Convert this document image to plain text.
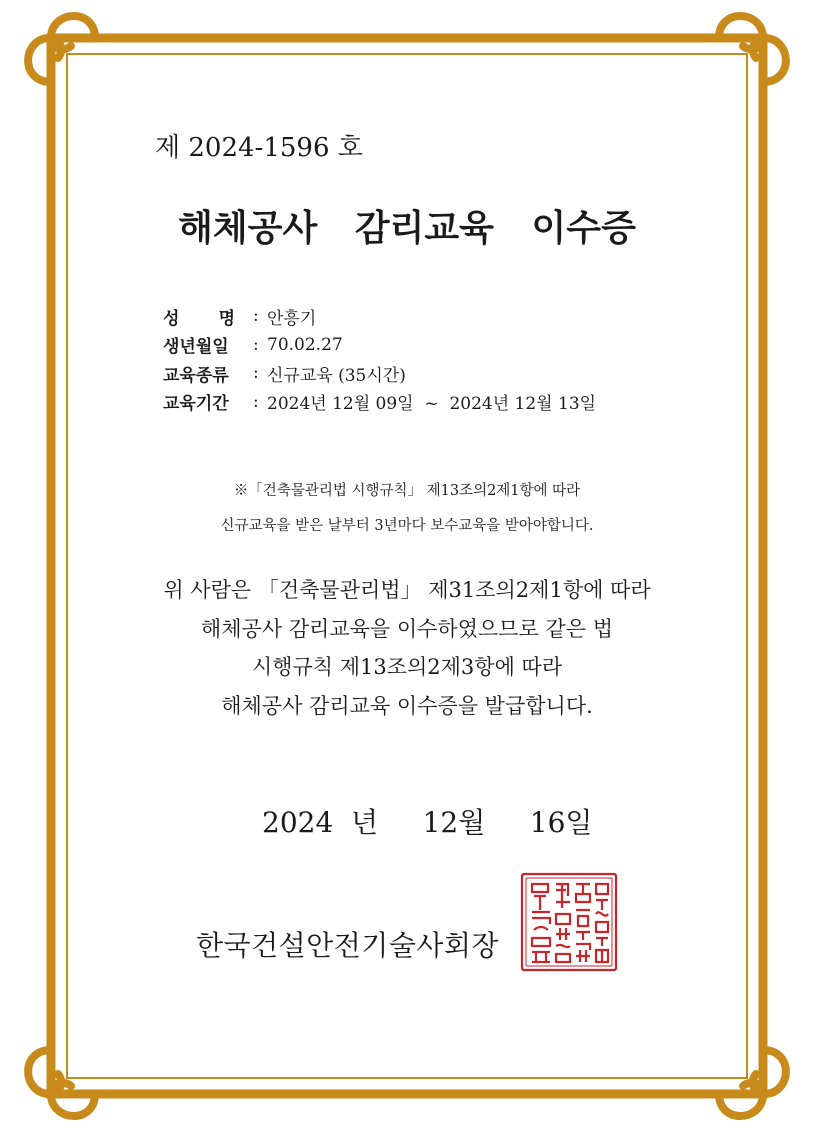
제 2024-1596 호
해체공사   감리교육   이수증
성 명 : 안흥기
생년월일	: 70.02.27
교육종류	: 신규교육 (35시간)
교육기간	: 2024년 12월 09일  ~  2024년 12월 13일
※「건축물관리법 시행규칙」 제13조의2제1항에 따라
신규교육을 받은 날부터 3년마다 보수교육을 받아야합니다.
위 사람은 「건축물관리법」 제31조의2제1항에 따라
해체공사 감리교육을 이수하였으므로 같은 법
시행규칙 제13조의2제3항에 따라
해체공사 감리교육 이수증을 발급합니다.
2024  년     12월     16일
한국건설안전기술사회장
